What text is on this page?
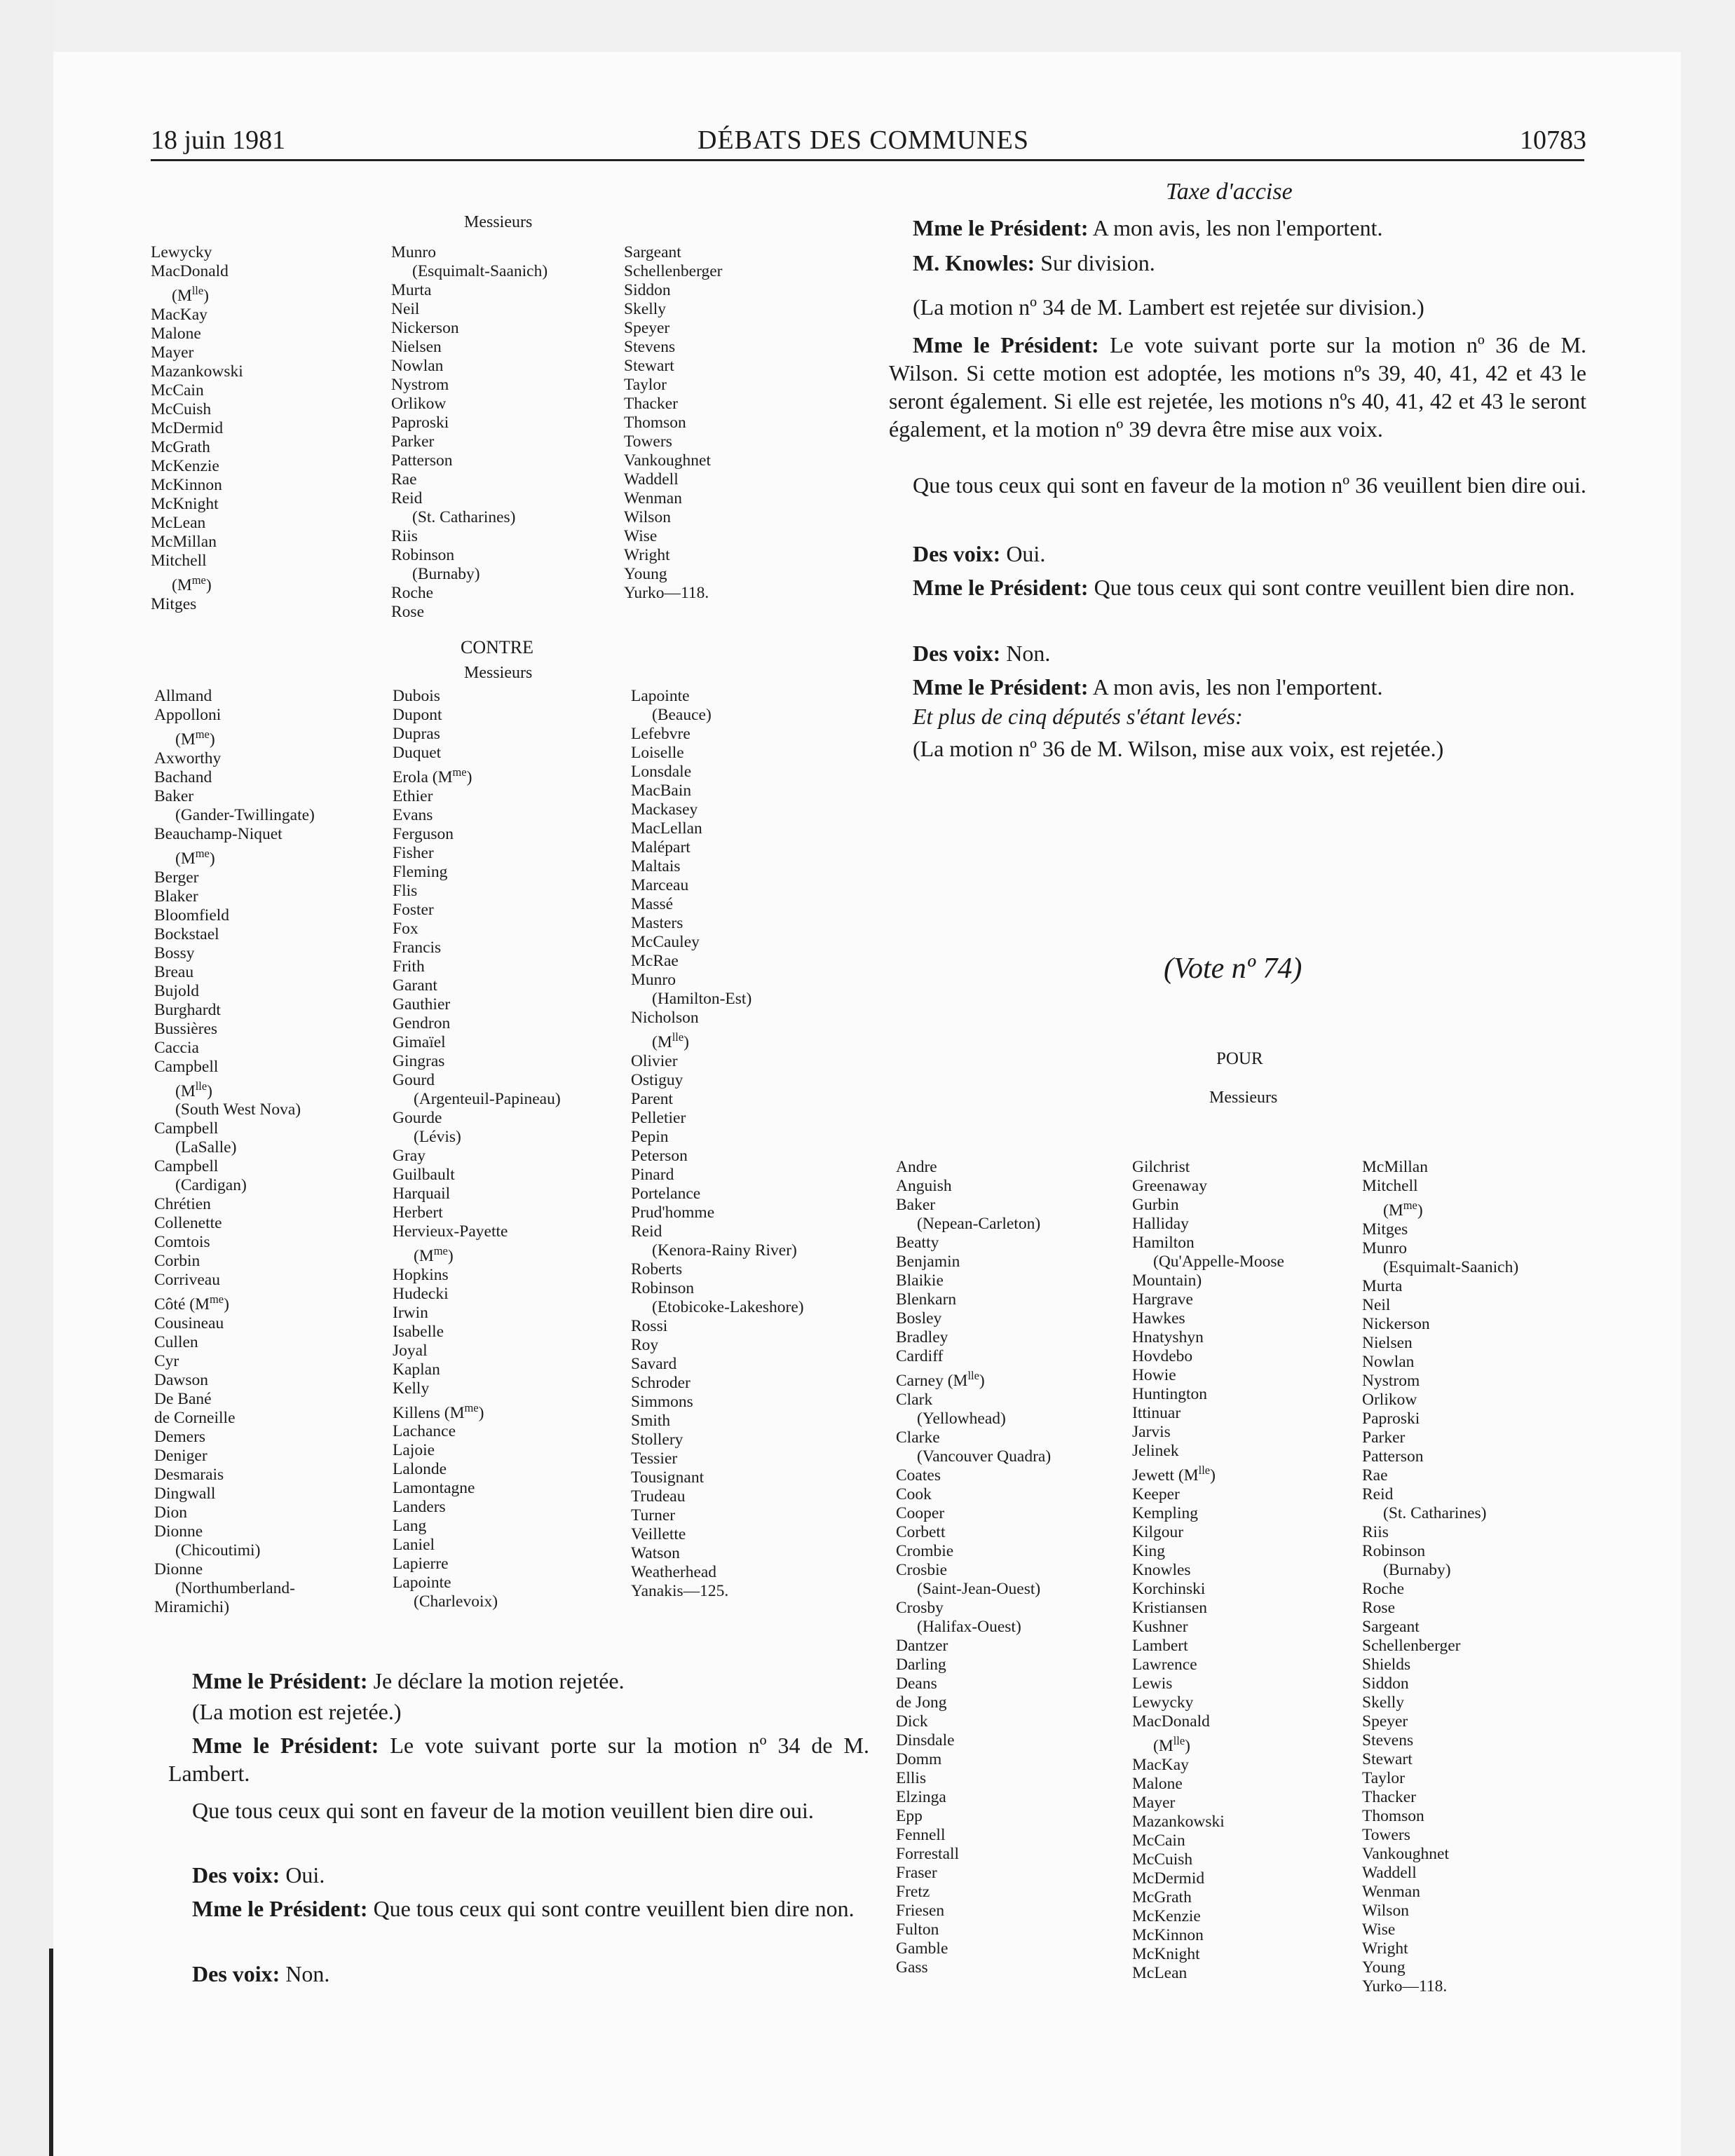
18 juin 1981	DÉBATS DES COMMUNES	10783
Messieurs
Lewycky
MacDonald
$(M^{lle})$
MacKay
Malone
Mayer
Mazankowski
McCain
McCuish
McDermid
McGrath
McKenzie
McKinnon
McKnight
McLean
McMillan
Mitchell
$(M^{me})$
Mitges
Munro
(Esquimalt-Saanich)
Murta
Neil
Nickerson
Nielsen
Nowlan
Nystrom
Orlikow
Paproski
Parker
Patterson
Rae
Reid
(St. Catharines)
Riis
Robinson
(Burnaby)
Roche
Rose
Sargeant
Schellenberger
Siddon
Skelly
Speyer
Stevens
Stewart
Taylor
Thacker
Thomson
Towers
Vankoughnet
Waddell
Wenman
Wilson
Wise
Wright
Young
Yurko—118.
CONTRE
Messieurs
Allmand
Appolloni
$(M^{me})$
Axworthy
Bachand
Baker
(Gander-Twillingate)
Beauchamp-Niquet
$(M^{me})$
Berger
Blaker
Bloomfield
Bockstael
Bossy
Breau
Bujold
Burghardt
Bussières
Caccia
Campbell
$(M^{lle})$
(South West Nova)
Campbell
(LaSalle)
Campbell
(Cardigan)
Chrétien
Collenette
Comtois
Corbin
Corriveau
Côté $(M^{me})$
Cousineau
Cullen
Cyr
Dawson
De Bané
de Corneille
Demers
Deniger
Desmarais
Dingwall
Dion
Dionne
(Chicoutimi)
Dionne
(Northumberland-
Miramichi)
Dubois
Dupont
Dupras
Duquet
Erola $(M^{me})$
Ethier
Evans
Ferguson
Fisher
Fleming
Flis
Foster
Fox
Francis
Frith
Garant
Gauthier
Gendron
Gimaïel
Gingras
Gourd
(Argenteuil-Papineau)
Gourde
(Lévis)
Gray
Guilbault
Harquail
Herbert
Hervieux-Payette
$(M^{me})$
Hopkins
Hudecki
Irwin
Isabelle
Joyal
Kaplan
Kelly
Killens $(M^{me})$
Lachance
Lajoie
Lalonde
Lamontagne
Landers
Lang
Laniel
Lapierre
Lapointe
(Charlevoix)
Lapointe
(Beauce)
Lefebvre
Loiselle
Lonsdale
MacBain
Mackasey
MacLellan
Malépart
Maltais
Marceau
Massé
Masters
McCauley
McRae
Munro
(Hamilton-Est)
Nicholson
$(M^{lle})$
Olivier
Ostiguy
Parent
Pelletier
Pepin
Peterson
Pinard
Portelance
Prud'homme
Reid
(Kenora-Rainy River)
Roberts
Robinson
(Etobicoke-Lakeshore)
Rossi
Roy
Savard
Schroder
Simmons
Smith
Stollery
Tessier
Tousignant
Trudeau
Turner
Veillette
Watson
Weatherhead
Yanakis—125.
Mme le Président: Je déclare la motion rejetée.
(La motion est rejetée.)
Mme le Président: Le vote suivant porte sur la motion nº 34 de M. Lambert.
Que tous ceux qui sont en faveur de la motion veuillent bien dire oui.
Des voix: Oui.
Mme le Président: Que tous ceux qui sont contre veuillent bien dire non.
Des voix: Non.
Taxe d'accise
Mme le Président: A mon avis, les non l'emportent.
M. Knowles: Sur division.
(La motion nº 34 de M. Lambert est rejetée sur division.)
Mme le Président: Le vote suivant porte sur la motion nº 36 de M. Wilson. Si cette motion est adoptée, les motions nºs 39, 40, 41, 42 et 43 le seront également. Si elle est rejetée, les motions nºs 40, 41, 42 et 43 le seront également, et la motion nº 39 devra être mise aux voix.
Que tous ceux qui sont en faveur de la motion nº 36 veuillent bien dire oui.
Des voix: Oui.
Mme le Président: Que tous ceux qui sont contre veuillent bien dire non.
Des voix: Non.
Mme le Président: A mon avis, les non l'emportent.
Et plus de cinq députés s'étant levés:
(La motion nº 36 de M. Wilson, mise aux voix, est rejetée.)
(Vote nº 74)
POUR
Messieurs
Andre
Anguish
Baker
(Nepean-Carleton)
Beatty
Benjamin
Blaikie
Blenkarn
Bosley
Bradley
Cardiff
Carney $(M^{lle})$
Clark
(Yellowhead)
Clarke
(Vancouver Quadra)
Coates
Cook
Cooper
Corbett
Crombie
Crosbie
(Saint-Jean-Ouest)
Crosby
(Halifax-Ouest)
Dantzer
Darling
Deans
de Jong
Dick
Dinsdale
Domm
Ellis
Elzinga
Epp
Fennell
Forrestall
Fraser
Fretz
Friesen
Fulton
Gamble
Gass
Gilchrist
Greenaway
Gurbin
Halliday
Hamilton
(Qu'Appelle-Moose
Mountain)
Hargrave
Hawkes
Hnatyshyn
Hovdebo
Howie
Huntington
Ittinuar
Jarvis
Jelinek
Jewett $(M^{lle})$
Keeper
Kempling
Kilgour
King
Knowles
Korchinski
Kristiansen
Kushner
Lambert
Lawrence
Lewis
Lewycky
MacDonald
$(M^{lle})$
MacKay
Malone
Mayer
Mazankowski
McCain
McCuish
McDermid
McGrath
McKenzie
McKinnon
McKnight
McLean
McMillan
Mitchell
$(M^{me})$
Mitges
Munro
(Esquimalt-Saanich)
Murta
Neil
Nickerson
Nielsen
Nowlan
Nystrom
Orlikow
Paproski
Parker
Patterson
Rae
Reid
(St. Catharines)
Riis
Robinson
(Burnaby)
Roche
Rose
Sargeant
Schellenberger
Shields
Siddon
Skelly
Speyer
Stevens
Stewart
Taylor
Thacker
Thomson
Towers
Vankoughnet
Waddell
Wenman
Wilson
Wise
Wright
Young
Yurko—118.
